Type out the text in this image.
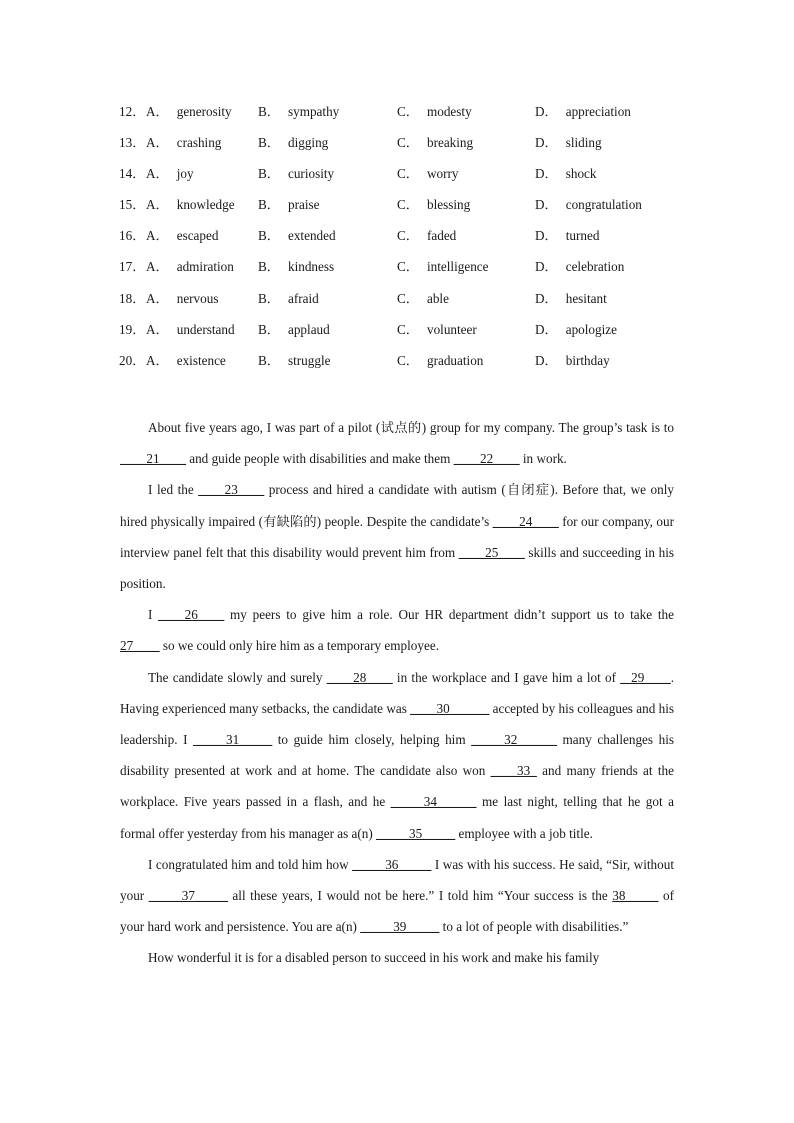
12． A． generosity B． sympathy	C． modesty	D． appreciation
13． A． crashing	B． digging	C． breaking	D． sliding
14． A． joy	B． curiosity	C． worry	D． shock
15． A． knowledge B． praise	C． blessing	D． congratulation
16． A． escaped	B． extended	C． faded	D． turned
17． A． admiration B． kindness	C． intelligence	D． celebration
18． A． nervous	B． afraid	C． able	D． hesitant
19． A． understand B． applaud	C． volunteer	D． apologize
20． A． existence B． struggle	C． graduation	D． birthday

About five years ago, I was part of a pilot (试点的) group for my company. The group’s task is to ____21____ and guide people with disabilities and make them ____22____ in work.

I led the ____23____ process and hired a candidate with autism (自闭症). Before that, we only hired physically impaired (有缺陷的) people. Despite the candidate’s ____24____ for our company, our interview panel felt that this disability would prevent him from ____25____ skills and succeeding in his position.

I ____26____ my peers to give him a role. Our HR department didn’t support us to take the 27____ so we could only hire him as a temporary employee.

The candidate slowly and surely ____28____ in the workplace and I gave him a lot of _ 29____. Having experienced many setbacks, the candidate was ____30______ accepted by his colleagues and his leadership. I _____31_____ to guide him closely, helping him _____32______ many challenges his disability presented at work and at home. The candidate also won ____33_ and many friends at the workplace. Five years passed in a flash, and he _____34______ me last night, telling that he got a formal offer yesterday from his manager as a(n) _____35_____ employee with a job title.

I congratulated him and told him how _____36_____ I was with his success. He said, “Sir, without your _____37_____ all these years, I would not be here.” I told him “Your success is the 38_____ of your hard work and persistence. You are a(n) _____39_____ to a lot of people with disabilities.”

How wonderful it is for a disabled person to succeed in his work and make his family
